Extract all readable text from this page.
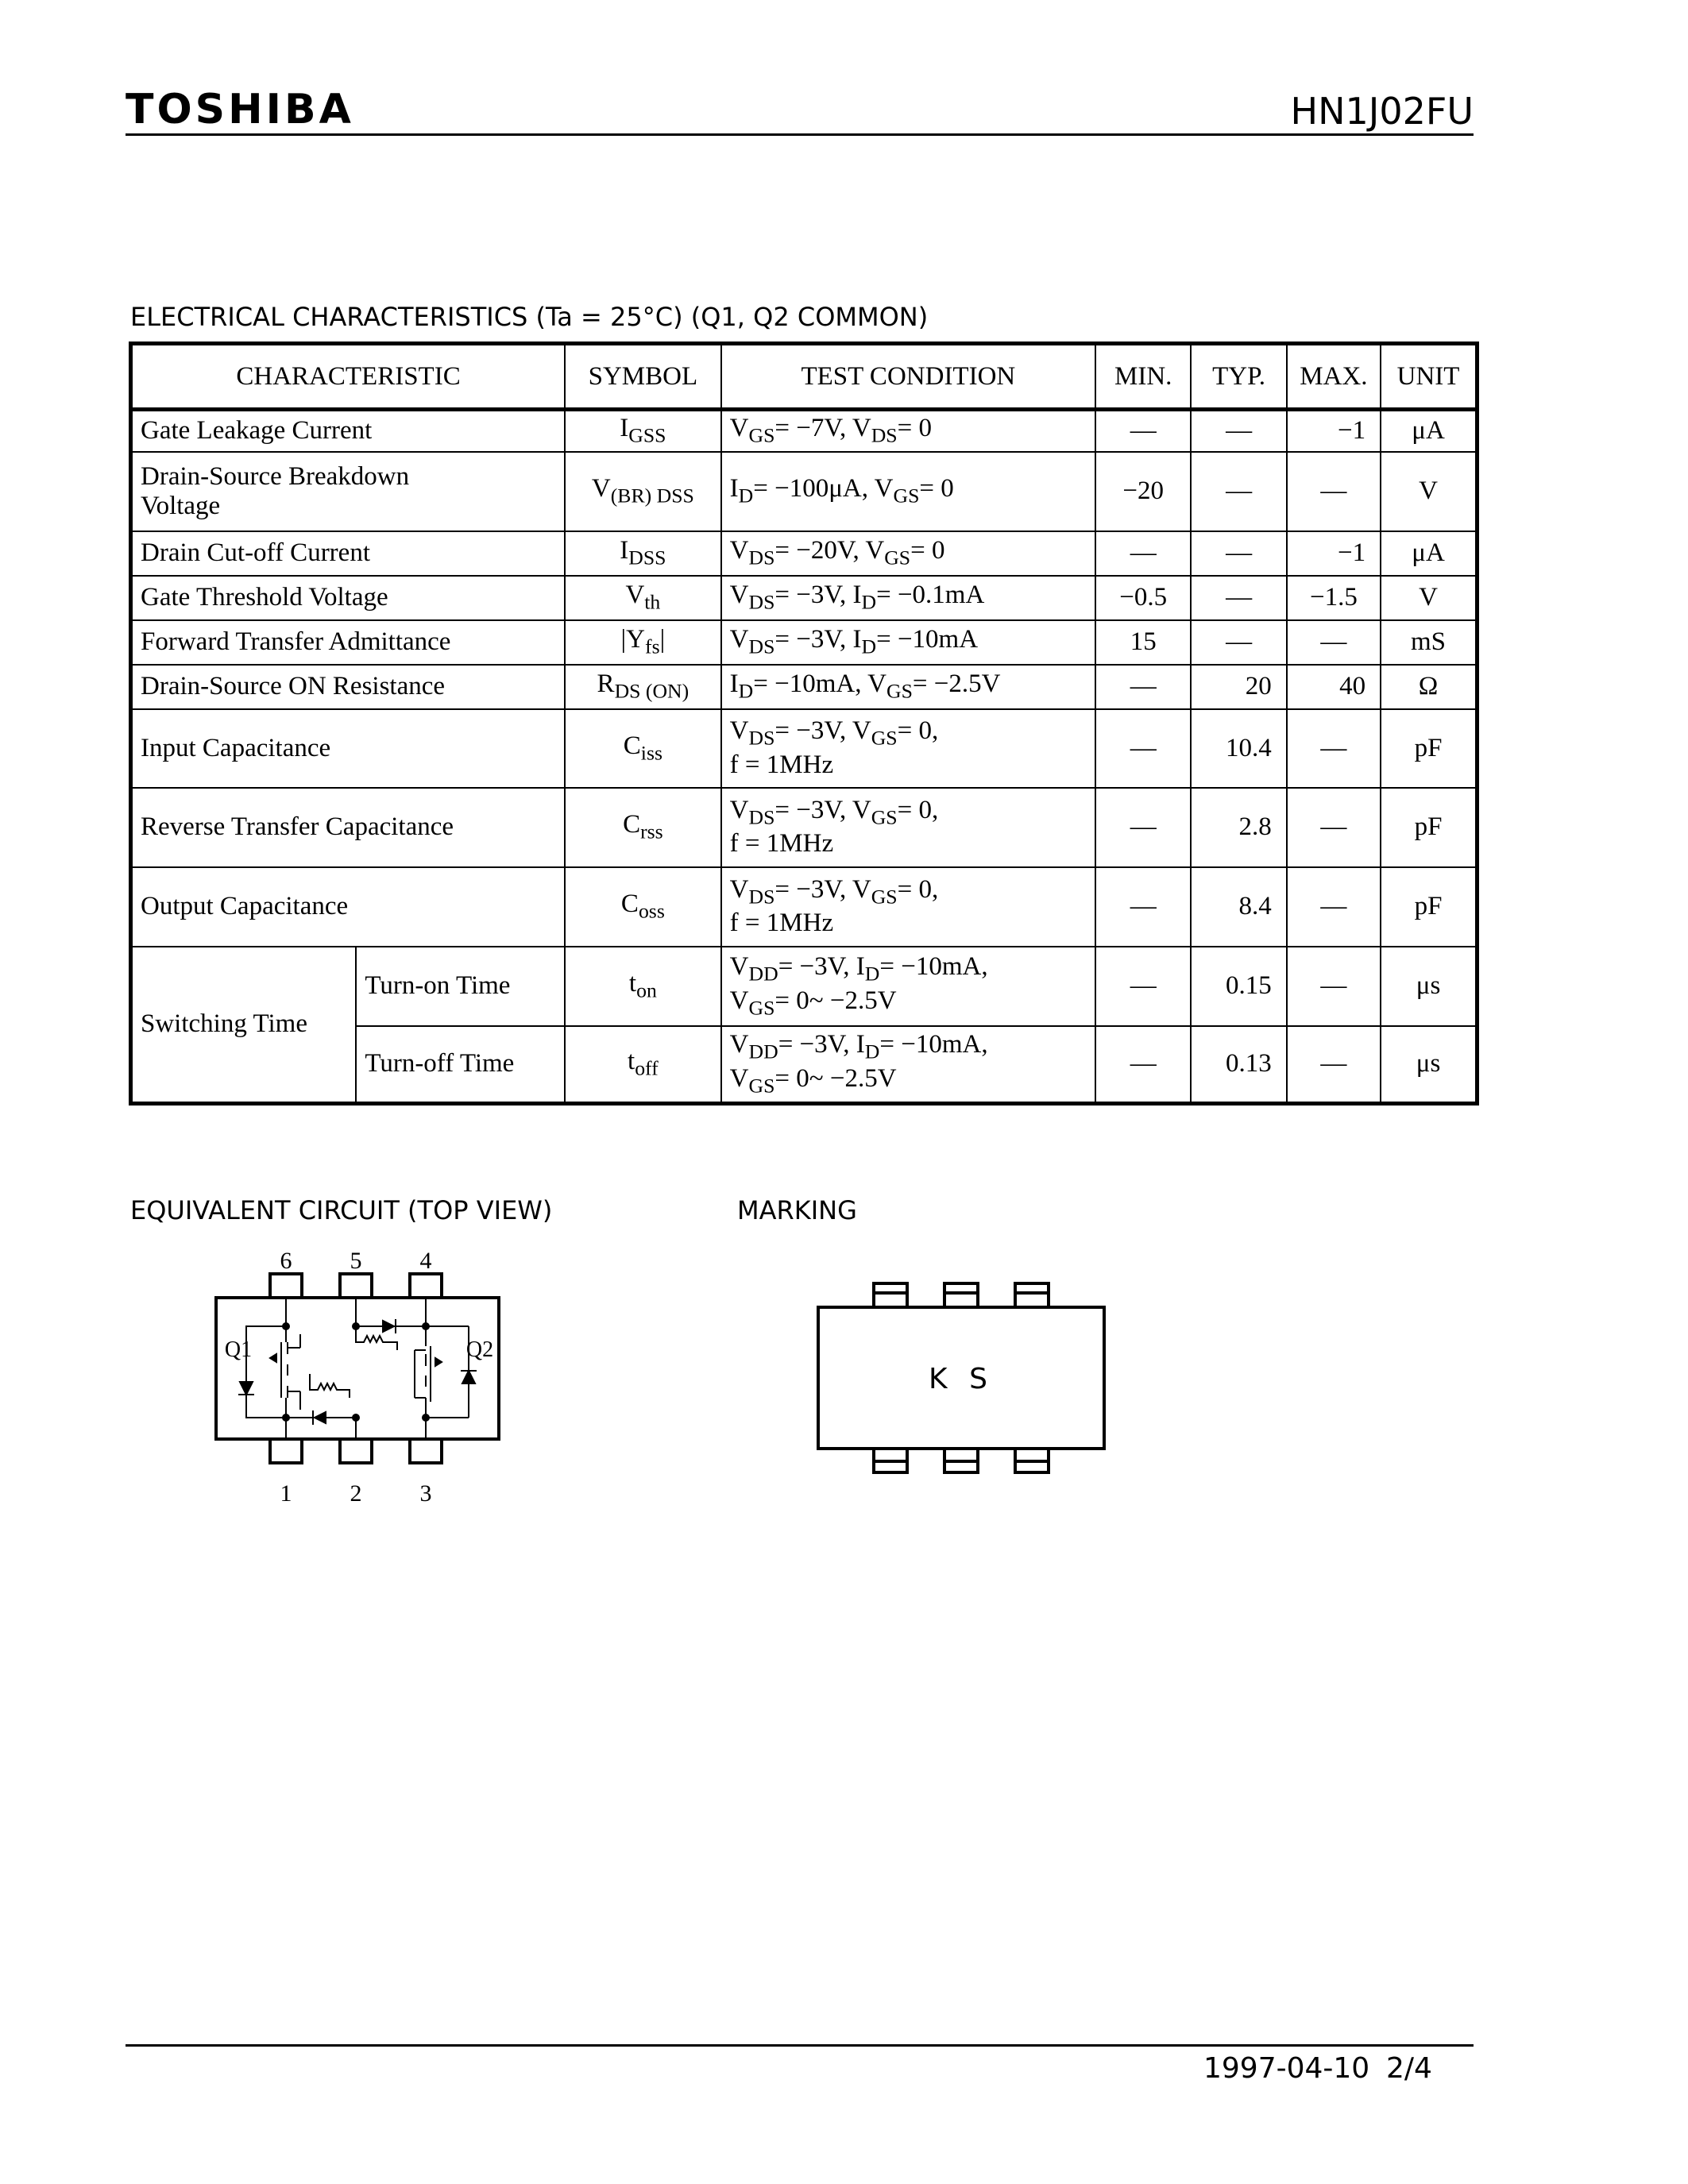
TOSHIBA	HN1J02FU
ELECTRICAL CHARACTERISTICS (Ta = 25°C) (Q1, Q2 COMMON)
CHARACTERISTIC		SYMBOL	TEST CONDITION	MIN.	TYP.	MAX.	UNIT
Gate Leakage Current		$I_{GSS}$	$V_{GS}= -7V$, $V_{DS}= 0$	—	—	−1	μA
Drain-Source Breakdown
Voltage		$V_{(BR) DSS}$	$I_D= -100\mu A$, $V_{GS}= 0$	−20	—	—	V
Drain Cut-off Current		$I_{DSS}$	$V_{DS}= -20V$, $V_{GS}= 0$	—	—	−1	μA
Gate Threshold Voltage		$V_{th}$	$V_{DS}= -3V$, $I_D= -0.1mA$	−0.5	—	−1.5	V
Forward Transfer Admittance		$|Y_{fs}|$	$V_{DS}= -3V$, $I_D= -10mA$	15	—	—	mS
Drain-Source ON Resistance		$R_{DS (ON)}$	$I_D= -10mA$, $V_{GS}= -2.5V$	—	20	40	Ω
Input Capacitance		$C_{iss}$	$V_{DS}= -3V$, $V_{GS}= 0$,
f = 1MHz	—	10.4	—	pF
Reverse Transfer Capacitance		$C_{rss}$	$V_{DS}= -3V$, $V_{GS}= 0$,
f = 1MHz	—	2.8	—	pF
Output Capacitance		$C_{oss}$	$V_{DS}= -3V$, $V_{GS}= 0$,
f = 1MHz	—	8.4	—	pF
Switching Time	Turn-on Time	$t_{on}$	$V_{DD}= -3V$, $I_D= -10mA$,
$V_{GS}=$ 0~ −2.5V	—	0.15	—	μs
	Turn-off Time	$t_{off}$	$V_{DD}= -3V$, $I_D= -10mA$,
$V_{GS}=$ 0~ −2.5V	—	0.13	—	μs
EQUIVALENT CIRCUIT (TOP VIEW)	MARKING
6 5 4
1 2 3
Q1	Q2
K S
1997-04-10 2/4
